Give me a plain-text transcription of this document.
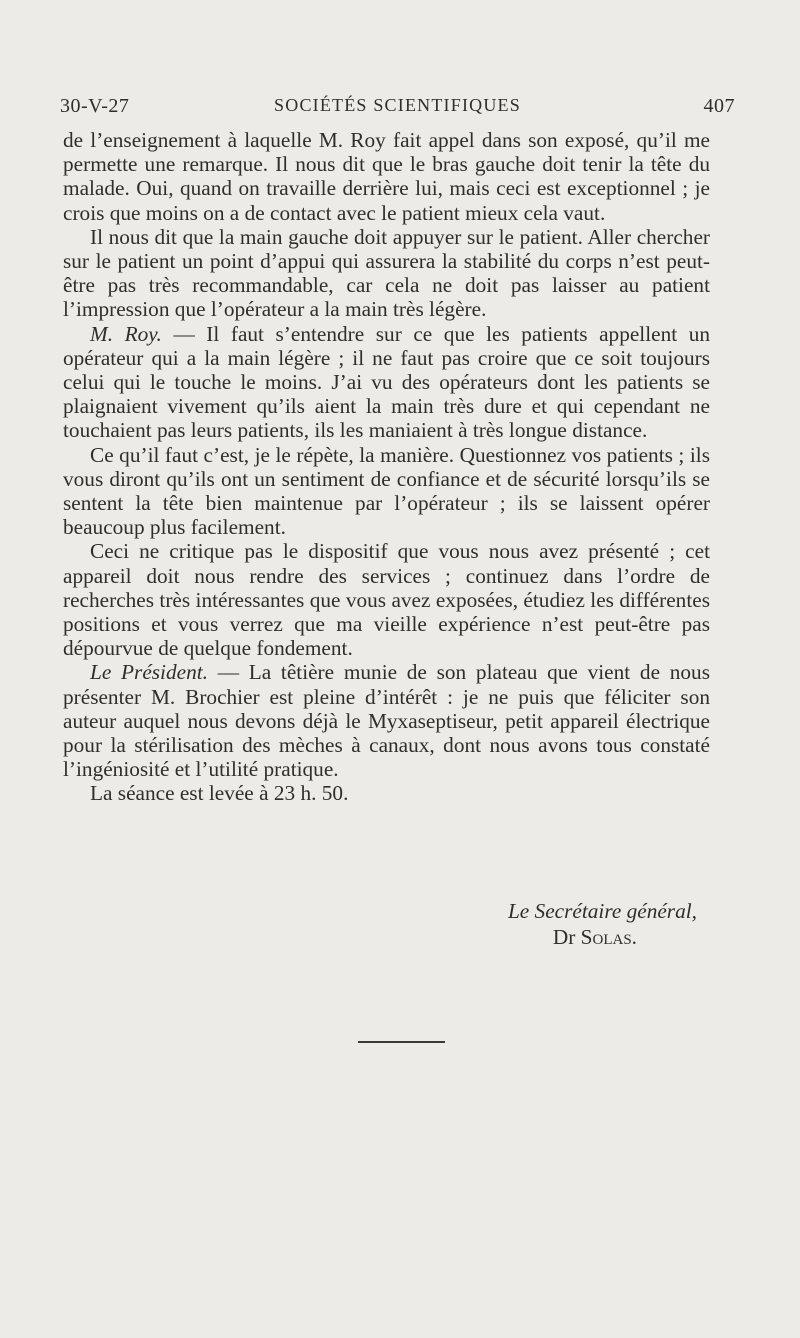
30-V-27	SOCIÉTÉS SCIENTIFIQUES	407

de l’enseignement à laquelle M. Roy fait appel dans son exposé, qu’il me permette une remarque. Il nous dit que le bras gauche doit tenir la tête du malade. Oui, quand on travaille derrière lui, mais ceci est exceptionnel ; je crois que moins on a de contact avec le patient mieux cela vaut.

Il nous dit que la main gauche doit appuyer sur le patient. Aller chercher sur le patient un point d’appui qui assurera la stabilité du corps n’est peut-être pas très recommandable, car cela ne doit pas laisser au patient l’impression que l’opérateur a la main très légère.

M. Roy. — Il faut s’entendre sur ce que les patients appellent un opérateur qui a la main légère ; il ne faut pas croire que ce soit toujours celui qui le touche le moins. J’ai vu des opérateurs dont les patients se plaignaient vivement qu’ils aient la main très dure et qui cependant ne touchaient pas leurs patients, ils les maniaient à très longue distance.

Ce qu’il faut c’est, je le répète, la manière. Questionnez vos patients ; ils vous diront qu’ils ont un sentiment de confiance et de sécurité lorsqu’ils se sentent la tête bien maintenue par l’opérateur ; ils se laissent opérer beaucoup plus facilement.

Ceci ne critique pas le dispositif que vous nous avez présenté ; cet appareil doit nous rendre des services ; continuez dans l’ordre de recherches très intéressantes que vous avez exposées, étudiez les différentes positions et vous verrez que ma vieille expérience n’est peut-être pas dépourvue de quelque fondement.

Le Président. — La têtière munie de son plateau que vient de nous présenter M. Brochier est pleine d’intérêt : je ne puis que féliciter son auteur auquel nous devons déjà le Myxaseptiseur, petit appareil électrique pour la stérilisation des mèches à canaux, dont nous avons tous constaté l’ingéniosité et l’utilité pratique.

La séance est levée à 23 h. 50.

Le Secrétaire général,
Dr Solas.
